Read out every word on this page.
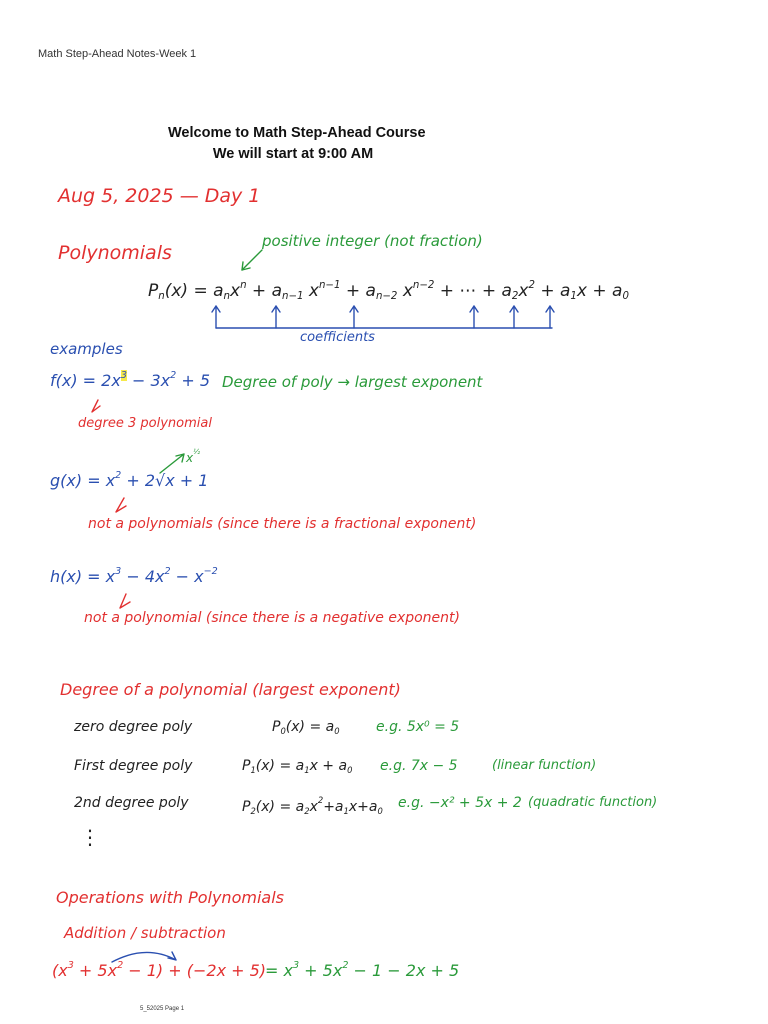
Math Step-Ahead Notes-Week 1
Welcome to Math Step-Ahead Course
We will start at 9:00 AM
Aug 5, 2025 — Day 1
Polynomials
positive integer (not fraction)
$P_n(x) = a_nx^n + a_{n-1}$ $x^{n-1} + a_{n-2}$ $x^{n-2}$ + ⋯ + $a_2x^2 + a_1x + a_0$
coefficients
examples
$f(x) = 2x^3 - 3x^2 + 5$ Degree of poly → largest exponent
degree 3 polynomial
$g(x) = x^2 + 2√x + 1$
$x^{\frac{1}{2}}$
not a polynomials (since there is a fractional exponent)
$h(x) = x^3 - 4x^2 - x^{-2}$
not a polynomial (since there is a negative exponent)
Degree of a polynomial (largest exponent)
zero degree poly	$P_0(x) = a_0$	e.g. 5x⁰ = 5
First degree poly	$P_1(x) = a_1x + a_0$ e.g. 7x − 5	(linear function)
2nd degree poly	$P_2(x) = a_2x^2+a_1x+a_0$ e.g. −x² + 5x + 2 (quadratic function)
⋮
Operations with Polynomials
Addition / subtraction
$(x^3 + 5x^2 - 1) + (-2x + 5)$
= $x^3 + 5x^2 - 1 - 2x + 5$
5_52025 Page 1
